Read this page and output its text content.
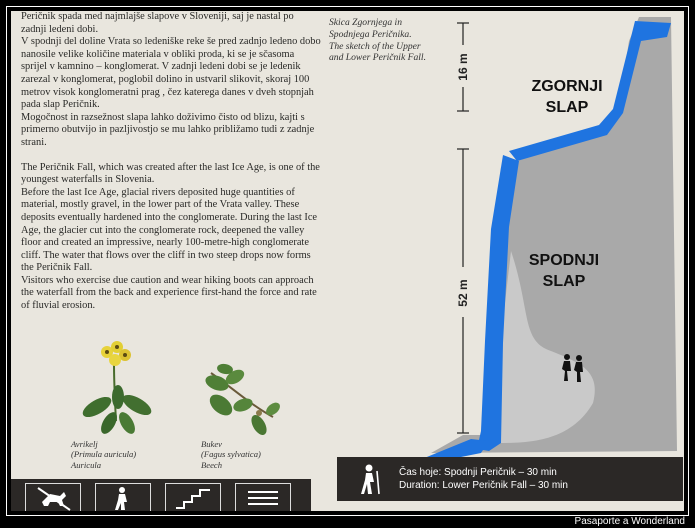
16 m
52 m
ZGORNJI
SLAP
SPODNJI
SLAP

Peričnik spada med najmlajše slapove v Sloveniji, saj je nastal po zadnji ledeni dobi.

V spodnji del doline Vrata so ledeniške reke še pred zadnjo ledeno dobo nanosile velike količine materiala v obliki proda, ki se je sčasoma sprijel v kamnino – konglomerat. V zadnji ledeni dobi se je ledenik zarezal v konglomerat, poglobil dolino in ustvaril slikovit, skoraj 100 metrov visok konglomeratni prag , čez katerega danes v dveh stopnjah pada slap Peričnik.

Mogočnost in razsežnost slapa lahko doživimo čisto od blizu, kajti s primerno obutvijo in pazljivostjo se mu lahko približamo tudi z zadnje strani.

The Peričnik Fall, which was created after the last Ice Age, is one of the youngest waterfalls in Slovenia.

Before the last Ice Age, glacial rivers deposited huge quantities of material, mostly gravel, in the lower part of the Vrata valley. These deposits eventually hardened into the conglomerate. During the last Ice Age, the glacier cut into the conglomerate rock, deepened the valley floor and created an impressive, nearly 100-metre-high conglomerate cliff. The water that flows over the cliff in two steep drops now forms the Peričnik Fall.

Visitors who exercise due caution and wear hiking boots can approach the waterfall from the back and experience first-hand the force and rate of fluvial erosion.

Skica Zgornjega in
Spodnjega Peričnika.
The sketch of the Upper
and Lower Peričnik Fall.
Avrikelj
(Primula auricula)
Auricula
Bukev
(Fagus sylvatica)
Beech
Čas hoje: Spodnji Peričnik – 30 min
Duration: Lower Peričnik Fall – 30 min
Pasaporte a Wonderland
